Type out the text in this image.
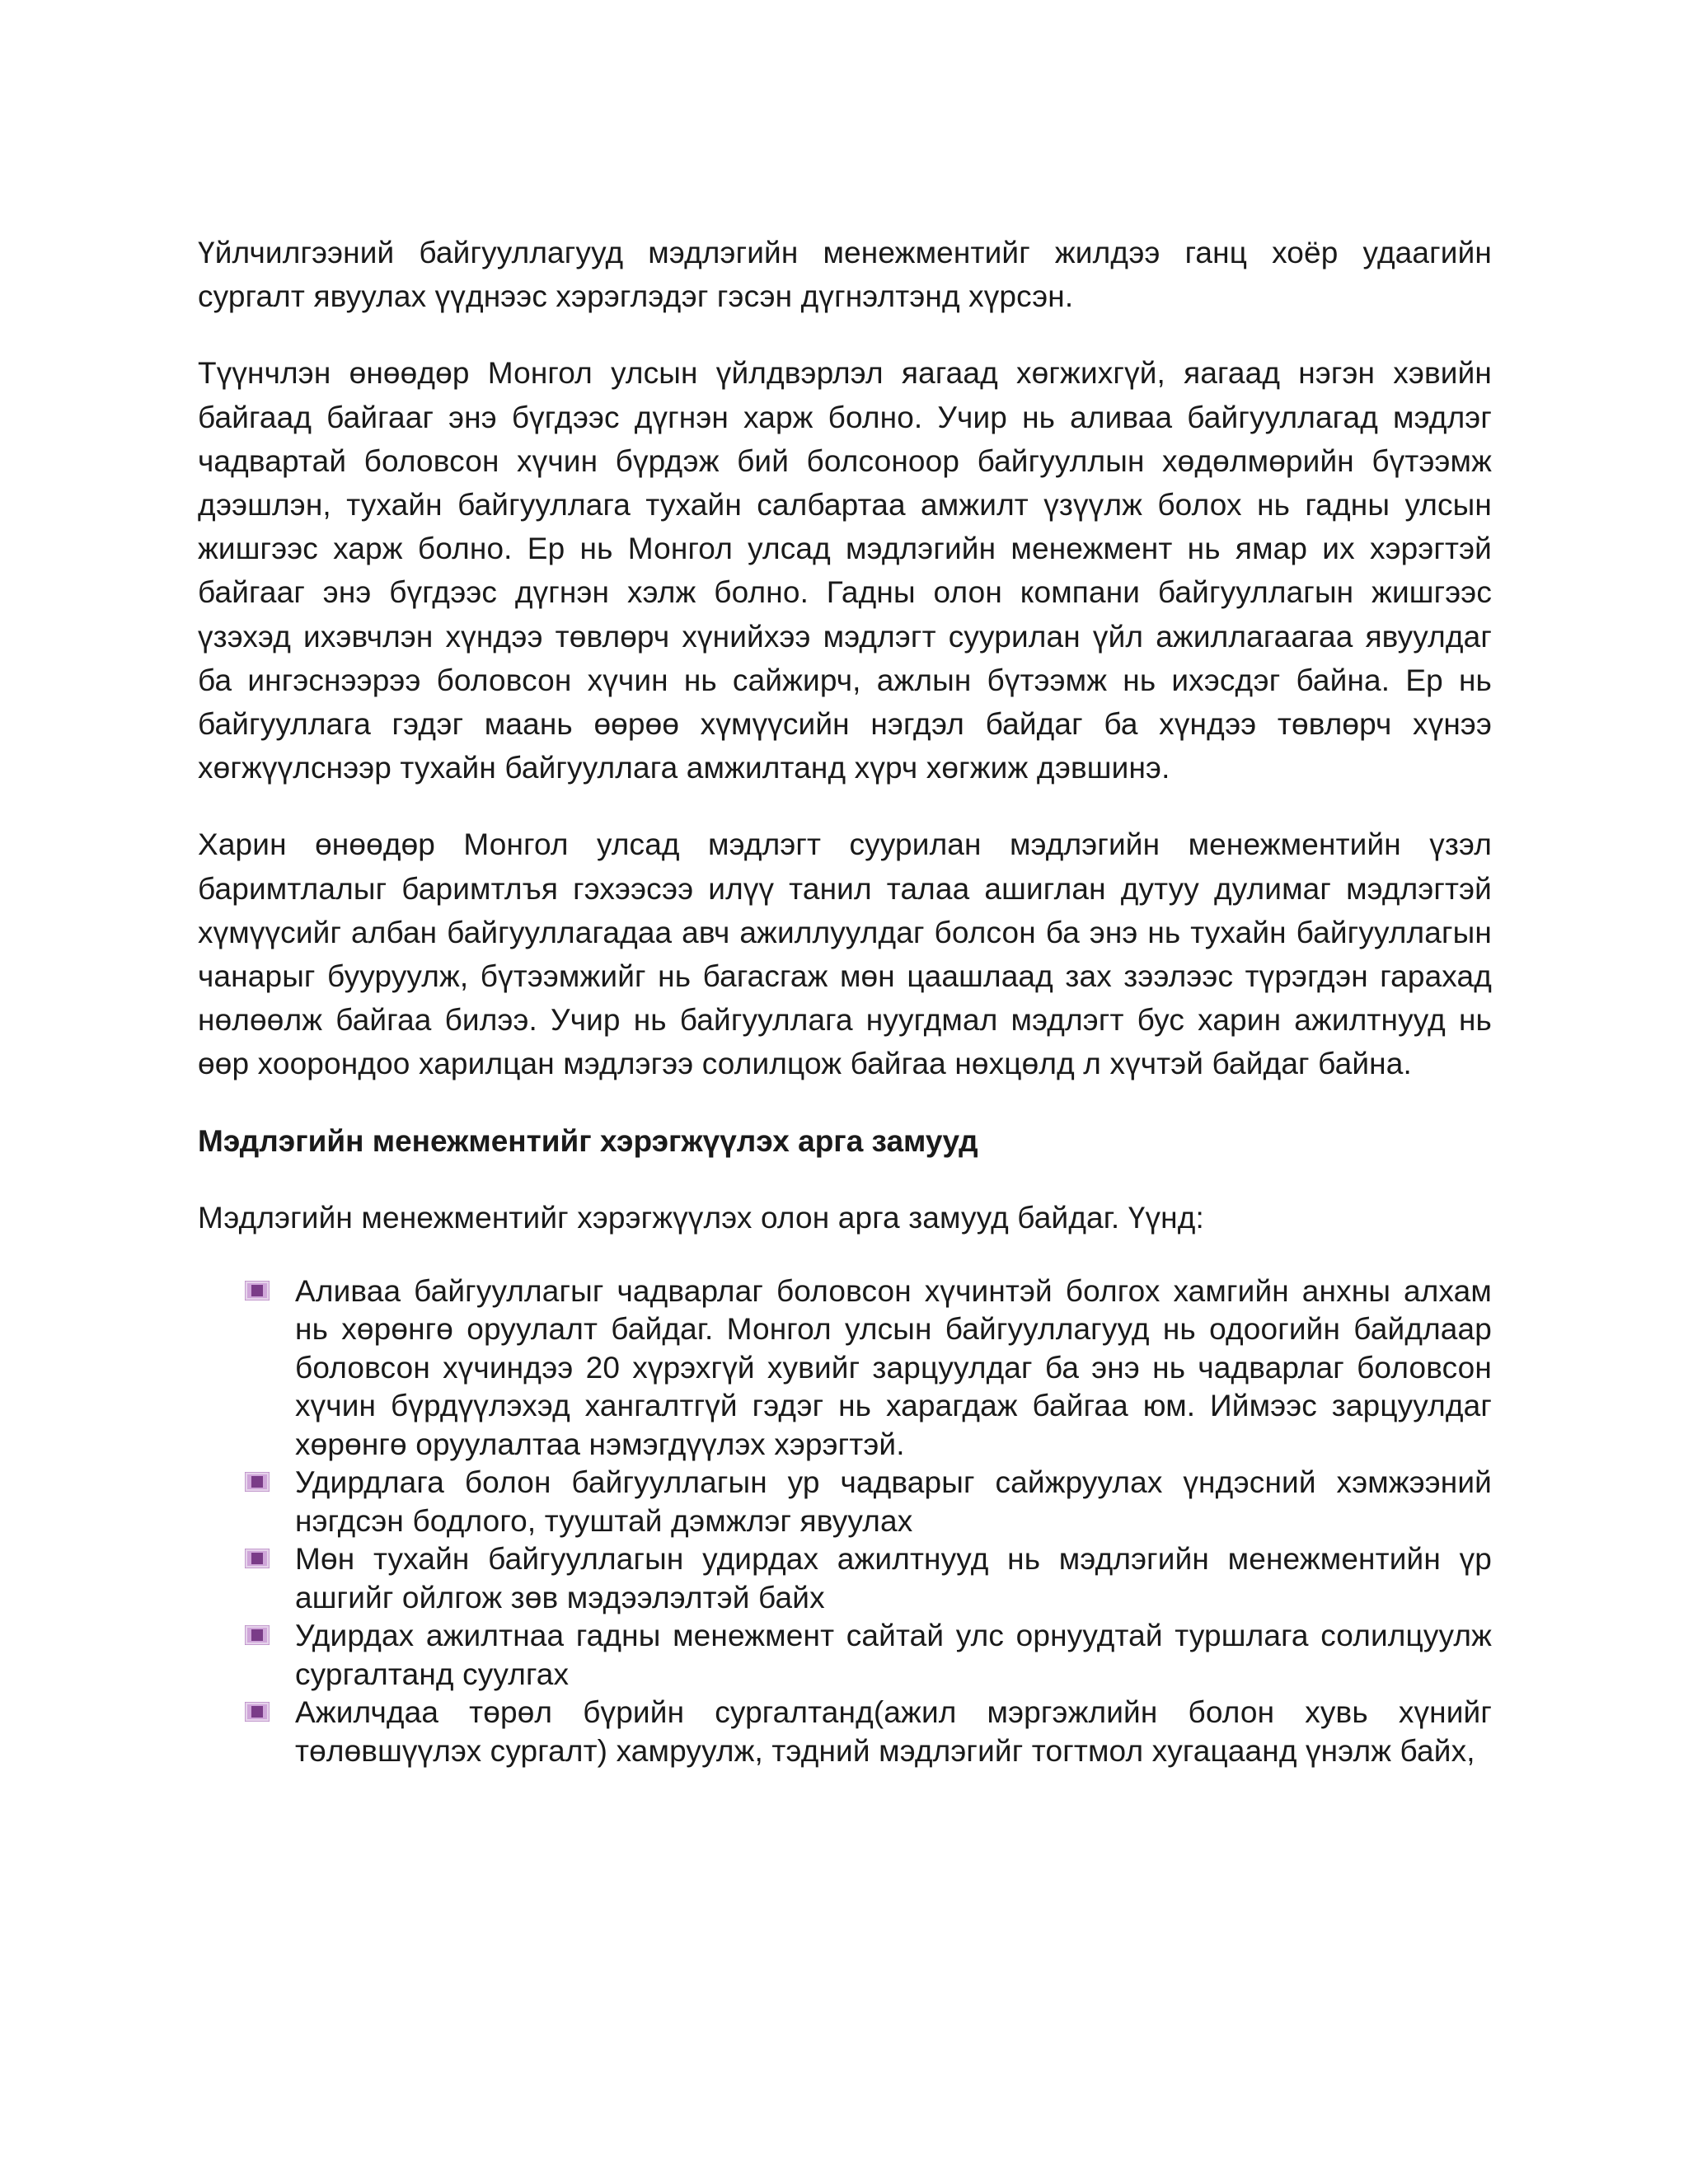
Үйлчилгээний байгууллагууд мэдлэгийн менежментийг жилдээ ганц хоёр удаагийн сургалт явуулах үүднээс хэрэглэдэг гэсэн дүгнэлтэнд хүрсэн.

Түүнчлэн өнөөдөр Монгол улсын үйлдвэрлэл яагаад хөгжихгүй, яагаад нэгэн хэвийн байгаад байгааг энэ бүгдээс дүгнэн харж болно. Учир нь аливаа байгууллагад мэдлэг чадвартай боловсон хүчин бүрдэж бий болсоноор байгууллын хөдөлмөрийн бүтээмж дээшлэн, тухайн байгууллага тухайн салбартаа амжилт үзүүлж болох нь гадны улсын жишгээс харж болно. Ер нь Монгол улсад мэдлэгийн менежмент нь ямар их хэрэгтэй байгааг энэ бүгдээс дүгнэн хэлж болно. Гадны олон компани байгууллагын жишгээс үзэхэд ихэвчлэн хүндээ төвлөрч хүнийхээ мэдлэгт суурилан үйл ажиллагаагаа явуулдаг ба ингэснээрээ боловсон хүчин нь сайжирч, ажлын бүтээмж нь ихэсдэг байна. Ер нь байгууллага гэдэг маань өөрөө хүмүүсийн нэгдэл байдаг ба хүндээ төвлөрч хүнээ хөгжүүлснээр тухайн байгууллага амжилтанд хүрч хөгжиж дэвшинэ.

Харин өнөөдөр Монгол улсад мэдлэгт суурилан мэдлэгийн менежментийн үзэл баримтлалыг баримтлъя гэхээсээ илүү танил талаа ашиглан дутуу дулимаг мэдлэгтэй хүмүүсийг албан байгууллагадаа авч ажиллуулдаг болсон ба энэ нь тухайн байгууллагын чанарыг бууруулж, бүтээмжийг нь багасгаж мөн цаашлаад зах зээлээс түрэгдэн гарахад нөлөөлж байгаа билээ. Учир нь байгууллага нуугдмал мэдлэгт бус харин ажилтнууд нь өөр хоорондоо харилцан мэдлэгээ солилцож байгаа нөхцөлд л хүчтэй байдаг байна.

Мэдлэгийн менежментийг хэрэгжүүлэх арга замууд

Мэдлэгийн менежментийг хэрэгжүүлэх олон арга замууд байдаг. Үүнд:

Аливаа байгууллагыг чадварлаг боловсон хүчинтэй болгох хамгийн анхны алхам нь хөрөнгө оруулалт байдаг. Монгол улсын байгууллагууд нь одоогийн байдлаар боловсон хүчиндээ 20 хүрэхгүй хувийг зарцуулдаг ба энэ нь чадварлаг боловсон хүчин бүрдүүлэхэд хангалтгүй гэдэг нь харагдаж байгаа юм. Иймээс зарцуулдаг хөрөнгө оруулалтаа нэмэгдүүлэх хэрэгтэй.
Удирдлага болон байгууллагын ур чадварыг сайжруулах үндэсний хэмжээний нэгдсэн бодлого, тууштай дэмжлэг явуулах
Мөн тухайн байгууллагын удирдах ажилтнууд нь мэдлэгийн менежментийн үр ашгийг ойлгож зөв мэдээлэлтэй байх
Удирдах ажилтнаа гадны менежмент сайтай улс орнуудтай туршлага солилцуулж сургалтанд суулгах
Ажилчдаа төрөл бүрийн сургалтанд(ажил мэргэжлийн болон хувь хүнийг төлөвшүүлэх сургалт) хамруулж, тэдний мэдлэгийг тогтмол хугацаанд үнэлж байх,
